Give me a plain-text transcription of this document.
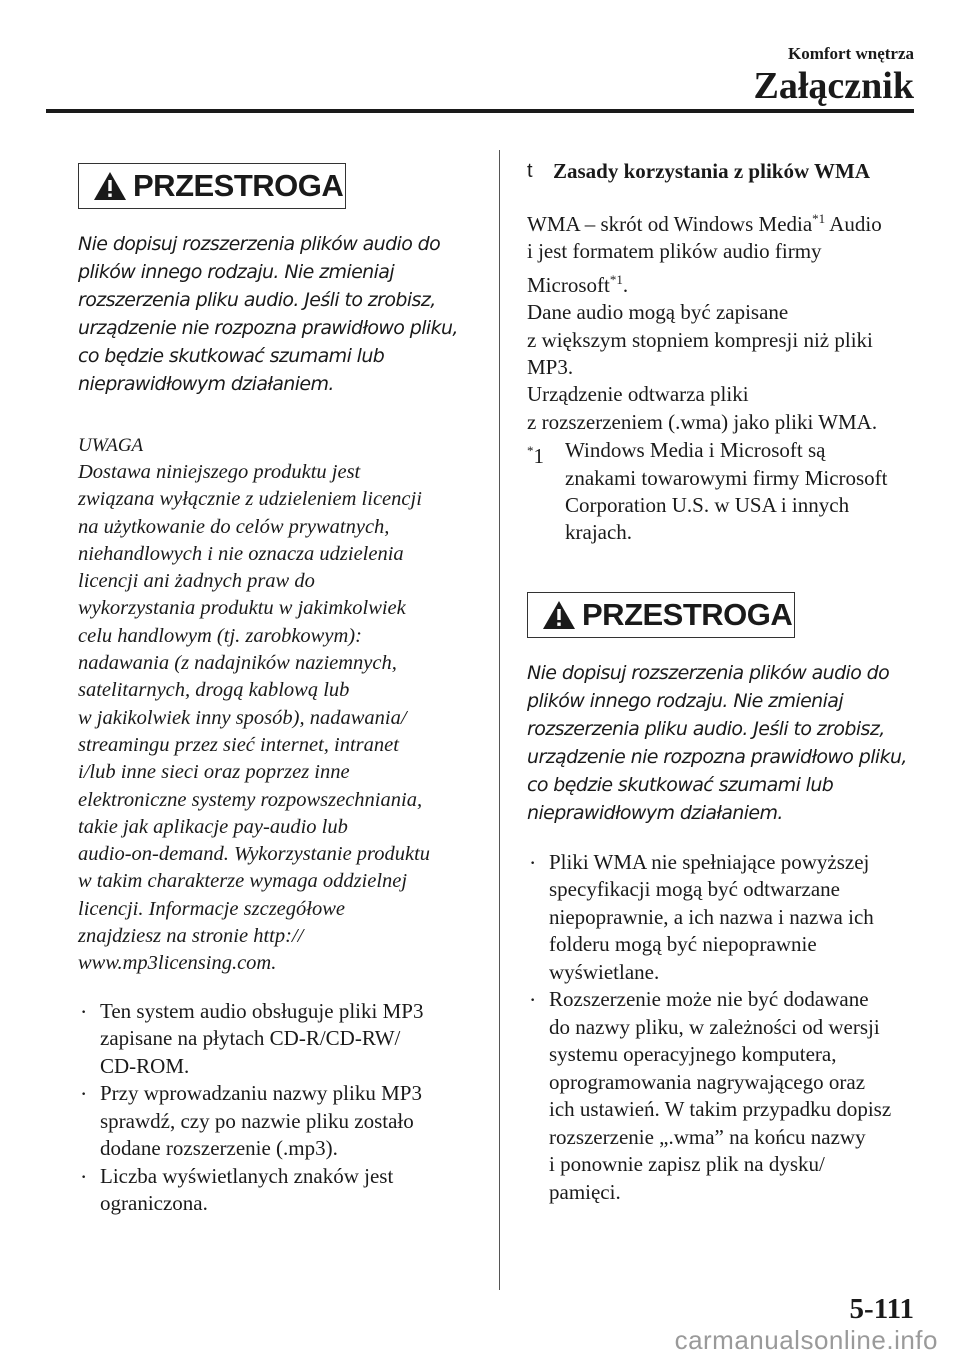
Komfort wnętrza
Załącznik
PRZESTROGA
Nie dopisuj rozszerzenia plików audio do
plików innego rodzaju. Nie zmieniaj
rozszerzenia pliku audio. Jeśli to zrobisz,
urządzenie nie rozpozna prawidłowo pliku,
co będzie skutkować szumami lub
nieprawidłowym działaniem.
UWAGA
Dostawa niniejszego produktu jest
związana wyłącznie z udzieleniem licencji
na użytkowanie do celów prywatnych,
niehandlowych i nie oznacza udzielenia
licencji ani żadnych praw do
wykorzystania produktu w jakimkolwiek
celu handlowym (tj. zarobkowym):
nadawania (z nadajników naziemnych,
satelitarnych, drogą kablową lub
w jakikolwiek inny sposób), nadawania/
streamingu przez sieć internet, intranet
i/lub inne sieci oraz poprzez inne
elektroniczne systemy rozpowszechniania,
takie jak aplikacje pay-audio lub
audio-on-demand. Wykorzystanie produktu
w takim charakterze wymaga oddzielnej
licencji. Informacje szczegółowe
znajdziesz na stronie http://
www.mp3licensing.com.
·
Ten system audio obsługuje pliki MP3
zapisane na płytach CD-R/CD-RW/
CD-ROM.
·
Przy wprowadzaniu nazwy pliku MP3
sprawdź, czy po nazwie pliku zostało
dodane rozszerzenie (.mp3).
·
Liczba wyświetlanych znaków jest
ograniczona.
t Zasady korzystania z plików WMA
WMA – skrót od Windows Media$^{*1}$ Audio
i jest formatem plików audio firmy
Microsoft$^{*1}$.
Dane audio mogą być zapisane
z większym stopniem kompresji niż pliki
MP3.
Urządzenie odtwarza pliki
z rozszerzeniem (.wma) jako pliki WMA.
*1	Windows Media i Microsoft są
znakami towarowymi firmy Microsoft
Corporation U.S. w USA i innych
krajach.
PRZESTROGA
Nie dopisuj rozszerzenia plików audio do
plików innego rodzaju. Nie zmieniaj
rozszerzenia pliku audio. Jeśli to zrobisz,
urządzenie nie rozpozna prawidłowo pliku,
co będzie skutkować szumami lub
nieprawidłowym działaniem.
·
Pliki WMA nie spełniające powyższej
specyfikacji mogą być odtwarzane
niepoprawnie, a ich nazwa i nazwa ich
folderu mogą być niepoprawnie
wyświetlane.
·
Rozszerzenie może nie być dodawane
do nazwy pliku, w zależności od wersji
systemu operacyjnego komputera,
oprogramowania nagrywającego oraz
ich ustawień. W takim przypadku dopisz
rozszerzenie „.wma” na końcu nazwy
i ponownie zapisz plik na dysku/
pamięci.
5-111
carmanualsonline.info
